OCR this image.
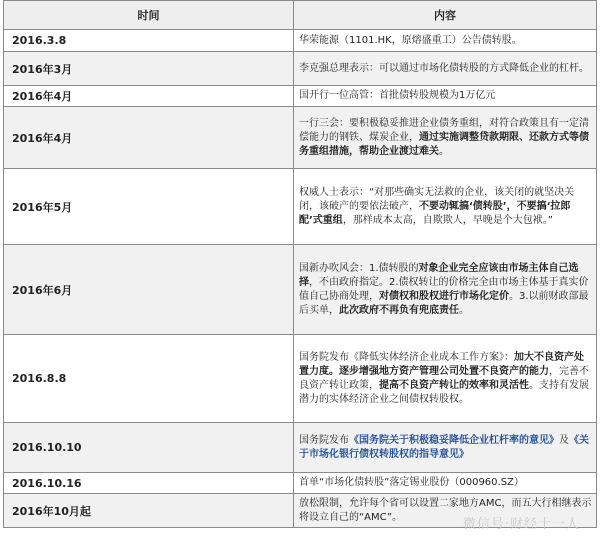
时间	内容
2016.3.8	华荣能源（1101.HK，原熔盛重工）公告债转股。
2016年3月	李克强总理表示：可以通过市场化债转股的方式降低企业的杠杆。
2016年4月	国开行一位高管：首批债转股规模为1万亿元
2016年4月	一行三会：要积极稳妥推进企业债务重组，对符合政策且有一定清偿能力的钢铁、煤炭企业，通过实施调整贷款期限、还款方式等债务重组措施，帮助企业渡过难关。
2016年5月	权威人士表示：“对那些确实无法救的企业，该关闭的就坚决关闭，该破产的要依法破产，不要动辄搞‘债转股’，不要搞‘拉郎配’式重组，那样成本太高，自欺欺人，早晚是个大包袱。”
2016年6月	国新办吹风会：1.债转股的对象企业完全应该由市场主体自己选择，不由政府指定。2.债权转让的价格完全由市场主体基于真实价值自己协商处理，对债权和股权进行市场化定价。3.以前财政部最后买单，此次政府不再负有兜底责任。
2016.8.8	国务院发布《降低实体经济企业成本工作方案》：加大不良资产处置力度。逐步增强地方资产管理公司处置不良资产的能力，完善不良资产转让政策，提高不良资产转让的效率和灵活性。支持有发展潜力的实体经济企业之间债权转股权。
2016.10.10	国务院发布《国务院关于积极稳妥降低企业杠杆率的意见》及《关于市场化银行债权转股权的指导意见》
2016.10.16	首单“市场化债转股”落定锡业股份（000960.SZ）
2016年10月起	放松限制，允许每个省可以设置二家地方AMC，而五大行相继表示将设立自己的“AMC”。	微信号·财经十一人
